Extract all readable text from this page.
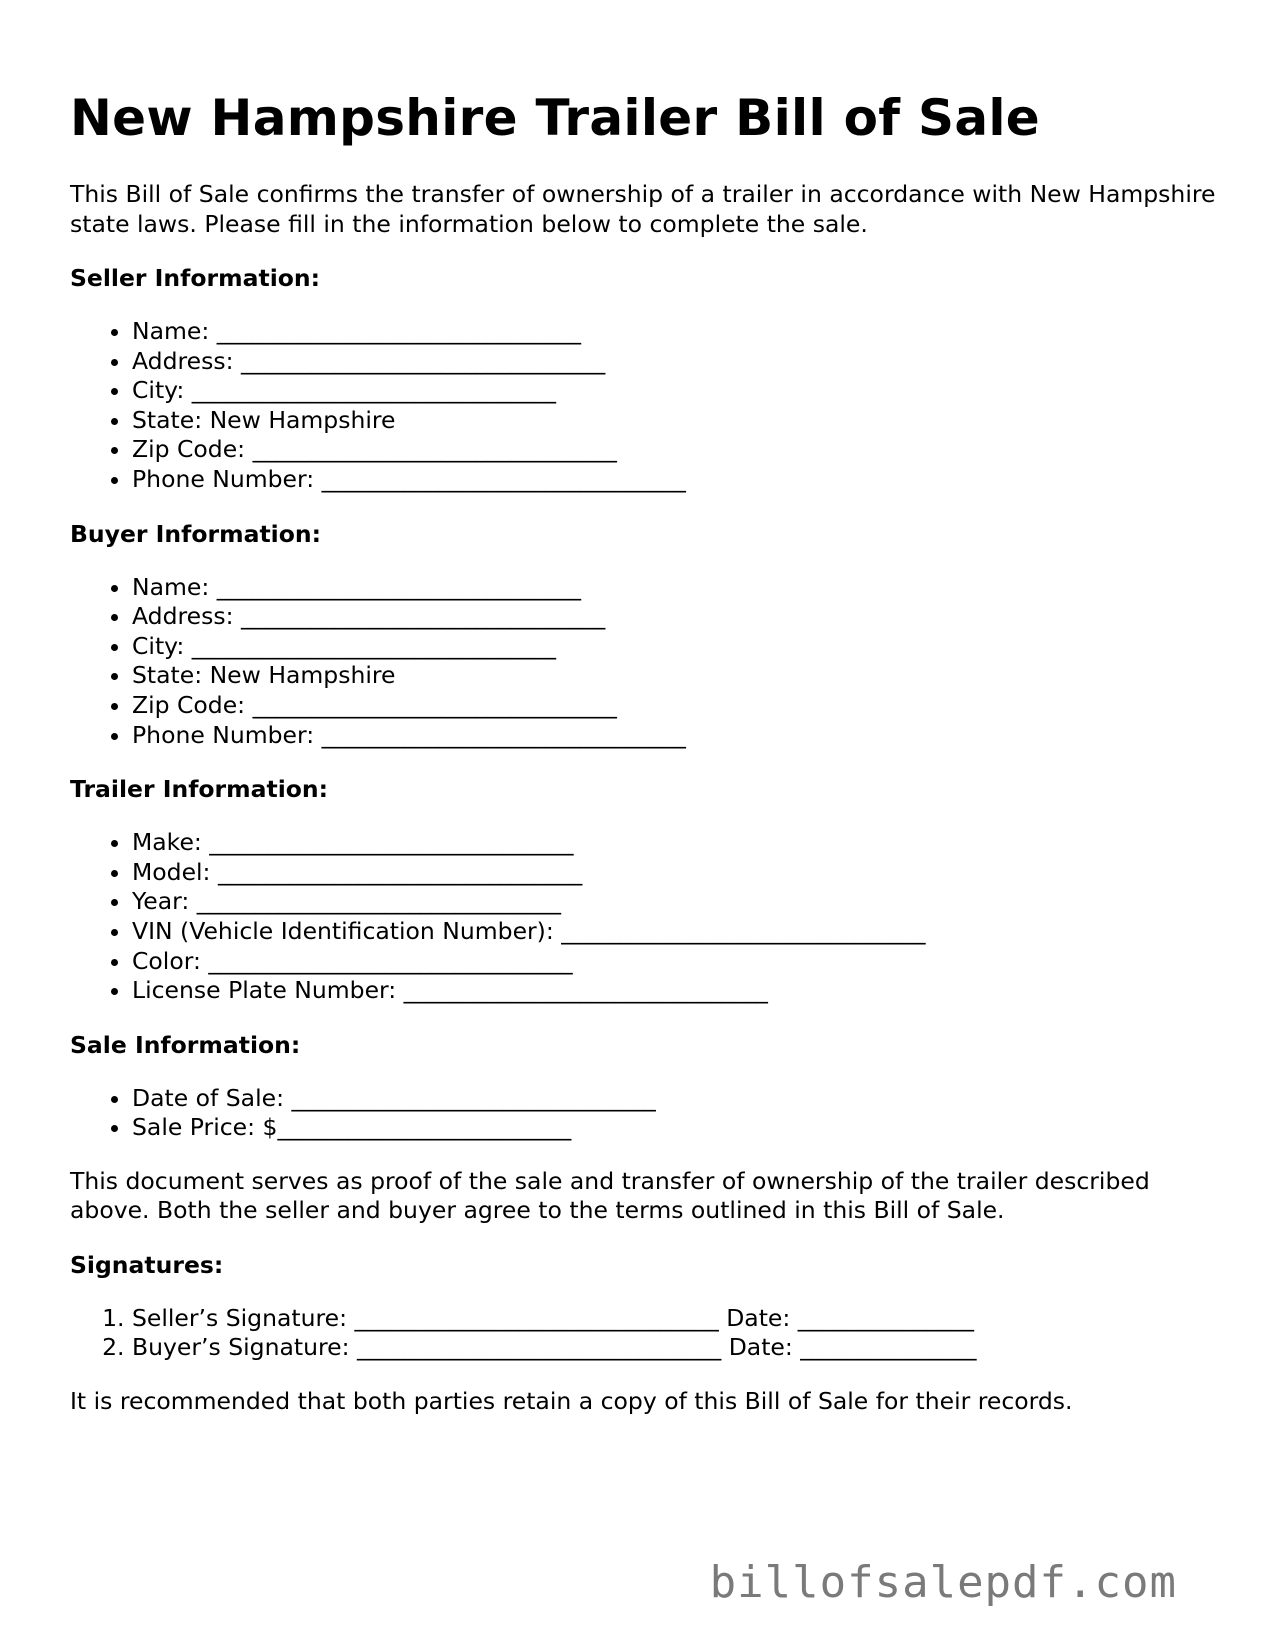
New Hampshire Trailer Bill of Sale

This Bill of Sale confirms the transfer of ownership of a trailer in accordance with New Hampshire state laws. Please fill in the information below to complete the sale.

Seller Information:
• Name: _______________________________
• Address: _______________________________
• City: _______________________________
• State: New Hampshire
• Zip Code: _______________________________
• Phone Number: _______________________________
Buyer Information:
• Name: _______________________________
• Address: _______________________________
• City: _______________________________
• State: New Hampshire
• Zip Code: _______________________________
• Phone Number: _______________________________
Trailer Information:
• Make: _______________________________
• Model: _______________________________
• Year: _______________________________
• VIN (Vehicle Identification Number): _______________________________
• Color: _______________________________
• License Plate Number: _______________________________
Sale Information:
• Date of Sale: _______________________________
• Sale Price: $_________________________

This document serves as proof of the sale and transfer of ownership of the trailer described above. Both the seller and buyer agree to the terms outlined in this Bill of Sale.

Signatures:
1. Seller’s Signature: _______________________________ Date: _______________
2. Buyer’s Signature: _______________________________ Date: _______________

It is recommended that both parties retain a copy of this Bill of Sale for their records.

billofsalepdf.com
